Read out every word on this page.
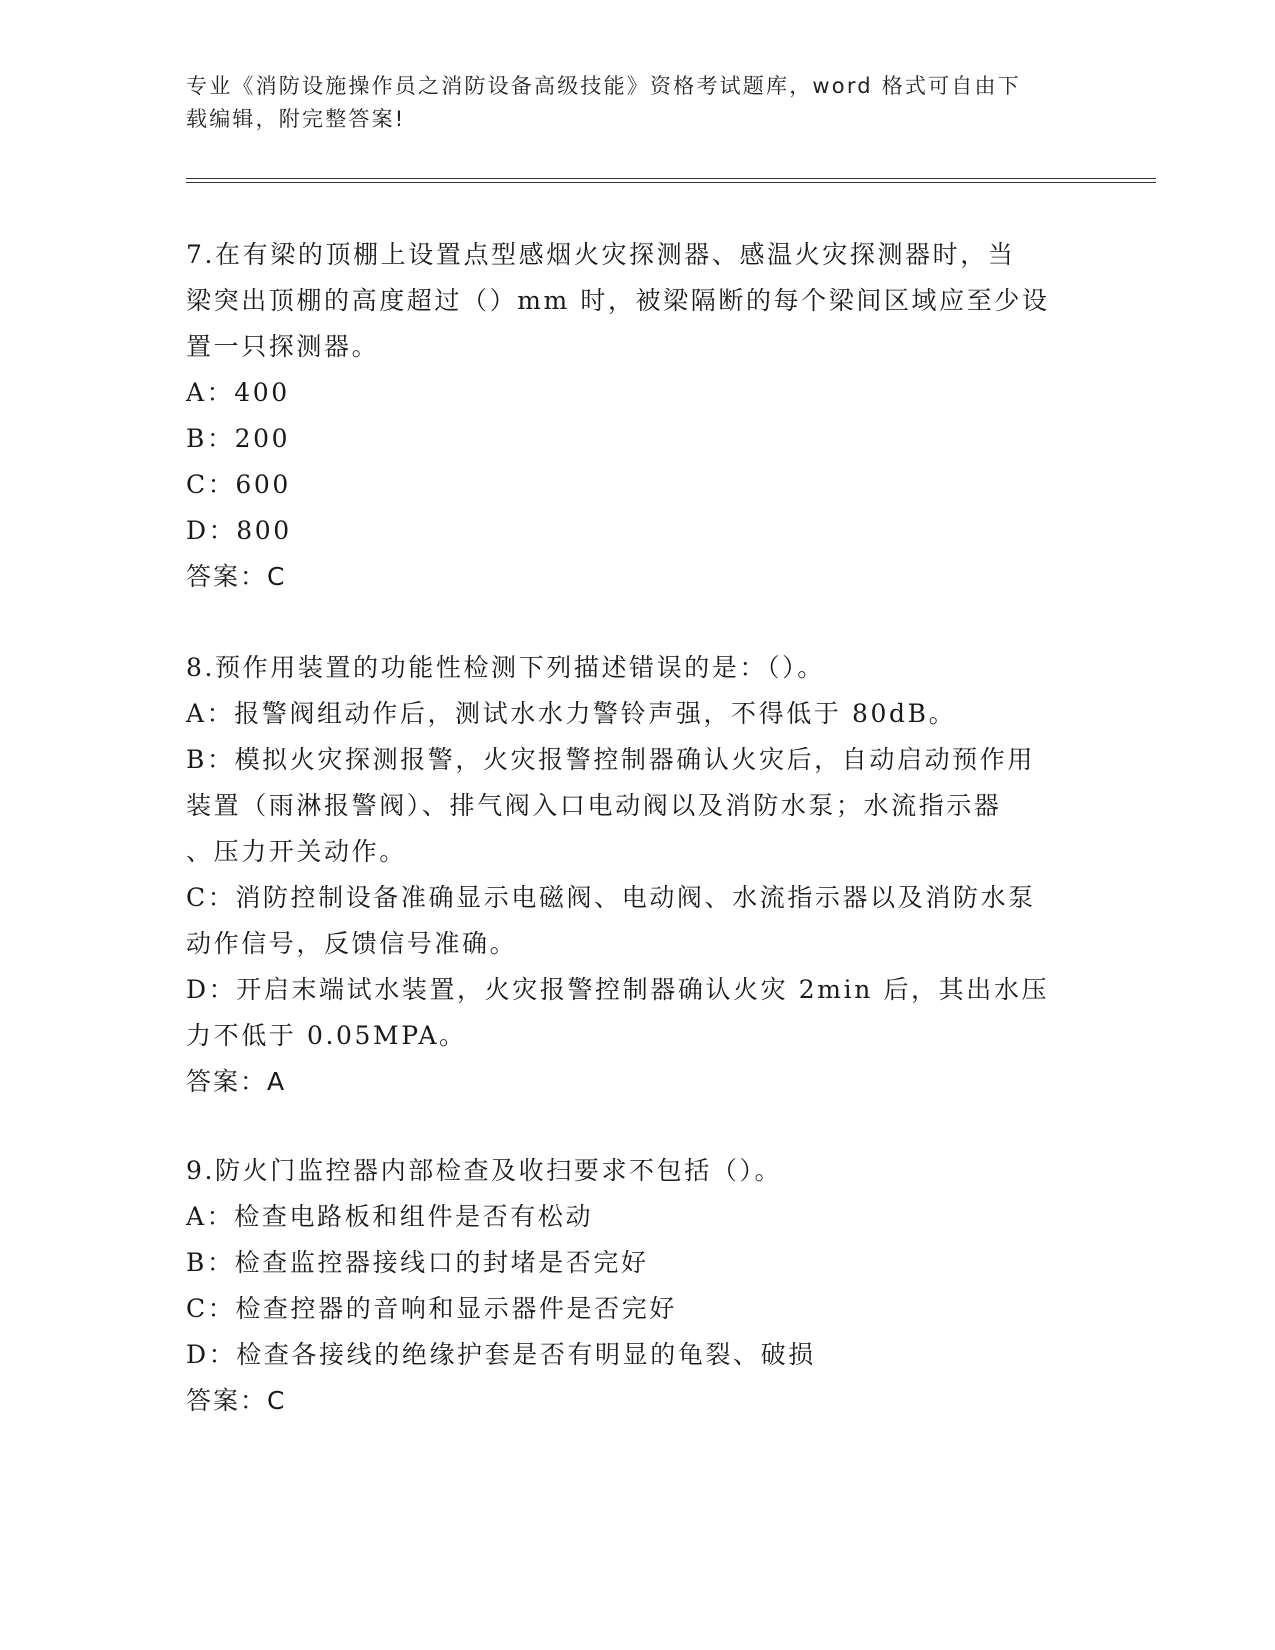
专业《消防设施操作员之消防设备高级技能》资格考试题库，word 格式可自由下
载编辑，附完整答案!

7.在有梁的顶棚上设置点型感烟火灾探测器、感温火灾探测器时，当

梁突出顶棚的高度超过（）mm 时，被梁隔断的每个梁间区域应至少设

置一只探测器。

A：400

B：200

C：600

D：800

答案：C

8.预作用装置的功能性检测下列描述错误的是：（）。

A：报警阀组动作后，测试水水力警铃声强，不得低于 80dB。

B：模拟火灾探测报警，火灾报警控制器确认火灾后，自动启动预作用

装置（雨淋报警阀）、排气阀入口电动阀以及消防水泵；水流指示器

、压力开关动作。

C：消防控制设备准确显示电磁阀、电动阀、水流指示器以及消防水泵

动作信号，反馈信号准确。

D：开启末端试水装置，火灾报警控制器确认火灾 2min 后，其出水压

力不低于 0.05MPA。

答案：A

9.防火门监控器内部检查及收扫要求不包括（）。

A：检查电路板和组件是否有松动

B：检查监控器接线口的封堵是否完好

C：检查控器的音响和显示器件是否完好

D：检查各接线的绝缘护套是否有明显的龟裂、破损

答案：C
